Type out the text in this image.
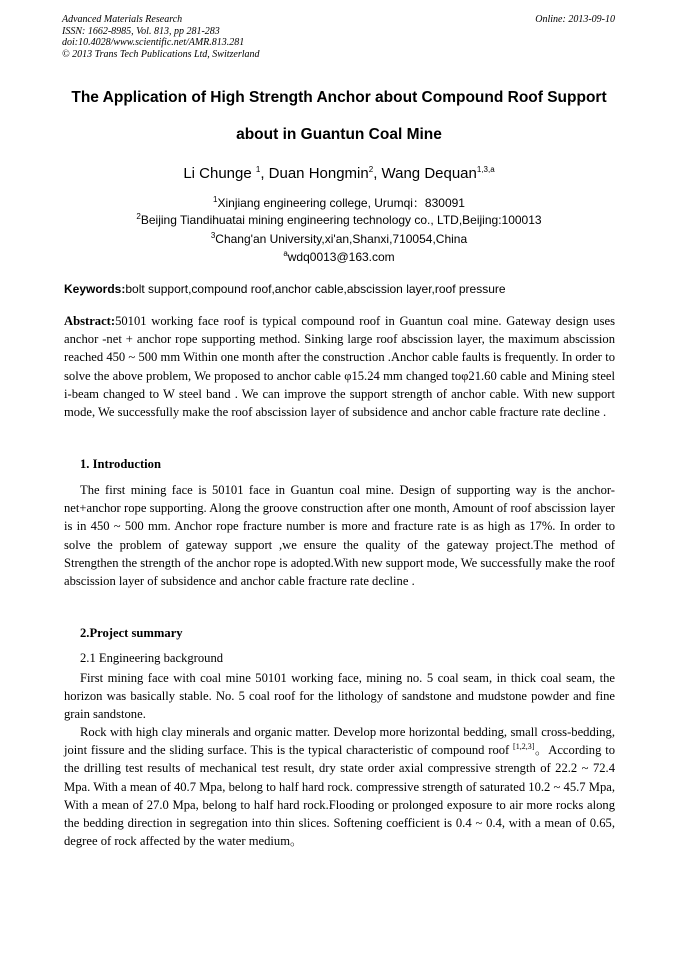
Advanced Materials Research
ISSN: 1662-8985, Vol. 813, pp 281-283
doi:10.4028/www.scientific.net/AMR.813.281
© 2013 Trans Tech Publications Ltd, Switzerland
Online: 2013-09-10
The Application of High Strength Anchor about Compound Roof Support
about in Guantun Coal Mine
Li Chunge $^1$, Duan Hongmin$^2$, Wang Dequan$^{1,3,a}$
$^1$Xinjiang engineering college, Urumqi：830091
$^2$Beijing Tiandihuatai mining engineering technology co., LTD,Beijing:100013
$^3$Chang'an University,xi'an,Shanxi,710054,China
$^a$wdq0013@163.com
Keywords:bolt support,compound roof,anchor cable,abscission layer,roof pressure
Abstract:50101 working face roof is typical compound roof in Guantun coal mine. Gateway design uses anchor -net + anchor rope supporting method. Sinking large roof abscission layer, the maximum abscission reached 450 ~ 500 mm Within one month after the construction .Anchor cable faults is frequently. In order to solve the above problem, We proposed to anchor cable φ15.24 mm changed toφ21.60 cable and Mining steel i-beam changed to W steel band . We can improve the support strength of anchor cable. With new support mode, We successfully make the roof abscission layer of subsidence and anchor cable fracture rate decline .
1. Introduction
The first mining face is 50101 face in Guantun coal mine. Design of supporting way is the anchor-net+anchor rope supporting. Along the groove construction after one month, Amount of roof abscission layer is in 450 ~ 500 mm. Anchor rope fracture number is more and fracture rate is as high as 17%. In order to solve the problem of gateway support ,we ensure the quality of the gateway project.The method of Strengthen the strength of the anchor rope is adopted.With new support mode, We successfully make the roof abscission layer of subsidence and anchor cable fracture rate decline .
2.Project summary
2.1 Engineering background
First mining face with coal mine 50101 working face, mining no. 5 coal seam, in thick coal seam, the horizon was basically stable. No. 5 coal roof for the lithology of sandstone and mudstone powder and fine grain sandstone.
Rock with high clay minerals and organic matter. Develop more horizontal bedding, small cross-bedding, joint fissure and the sliding surface. This is the typical characteristic of compound roof [1,2,3]。According to the drilling test results of mechanical test result, dry state order axial compressive strength of 22.2 ~ 72.4 Mpa. With a mean of 40.7 Mpa, belong to half hard rock. compressive strength of saturated 10.2 ~ 45.7 Mpa, With a mean of 27.0 Mpa, belong to half hard rock.Flooding or prolonged exposure to air more rocks along the bedding direction in segregation into thin slices. Softening coefficient is 0.4 ~ 0.4, with a mean of 0.65, degree of rock affected by the water medium。
